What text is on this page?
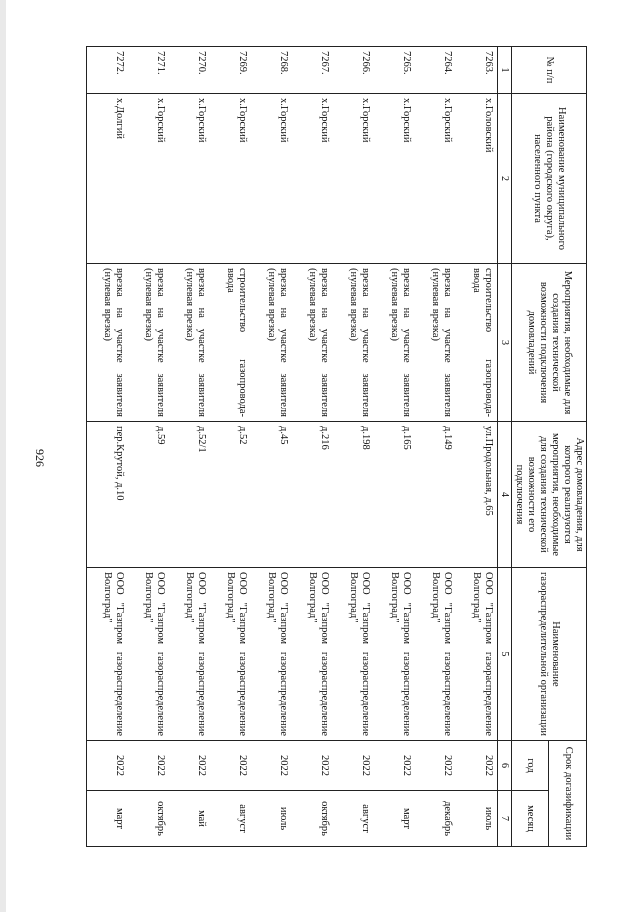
926
№ п/п	Наименование муниципального района (городского округа), населенного пункта	Мероприятия, необходимые для создания технической возможности подключения домовладений	Адрес домовладения, для которого реализуются мероприятия, необходимые для создания технической возможности его подключения	Наименование газораспределительной организации	Срок догазификации	
					год	месяц
1	2	3	4	5	6	7
7263.	х.Головский	строительство газопровода-ввода	ул.Продольная, д.65	ООО "Газпром газораспределение Волгоград"	2022	июль
7264.	х.Горский	врезка на участке заявителя (нулевая врезка)	д.149	ООО "Газпром газораспределение Волгоград"	2022	декабрь
7265.	х.Горский	врезка на участке заявителя (нулевая врезка)	д.165	ООО "Газпром газораспределение Волгоград"	2022	март
7266.	х.Горский	врезка на участке заявителя (нулевая врезка)	д.198	ООО "Газпром газораспределение Волгоград"	2022	август
7267.	х.Горский	врезка на участке заявителя (нулевая врезка)	д.216	ООО "Газпром газораспределение Волгоград"	2022	октябрь
7268.	х.Горский	врезка на участке заявителя (нулевая врезка)	д.45	ООО "Газпром газораспределение Волгоград"	2022	июль
7269.	х.Горский	строительство газопровода-ввода	д.52	ООО "Газпром газораспределение Волгоград"	2022	август
7270.	х.Горский	врезка на участке заявителя (нулевая врезка)	д.52/1	ООО "Газпром газораспределение Волгоград"	2022	май
7271.	х.Горский	врезка на участке заявителя (нулевая врезка)	д.59	ООО "Газпром газораспределение Волгоград"	2022	октябрь
7272.	х.Долгий	врезка на участке заявителя (нулевая врезка)	пер.Крутой, д.10	ООО "Газпром газораспределение Волгоград"	2022	март
